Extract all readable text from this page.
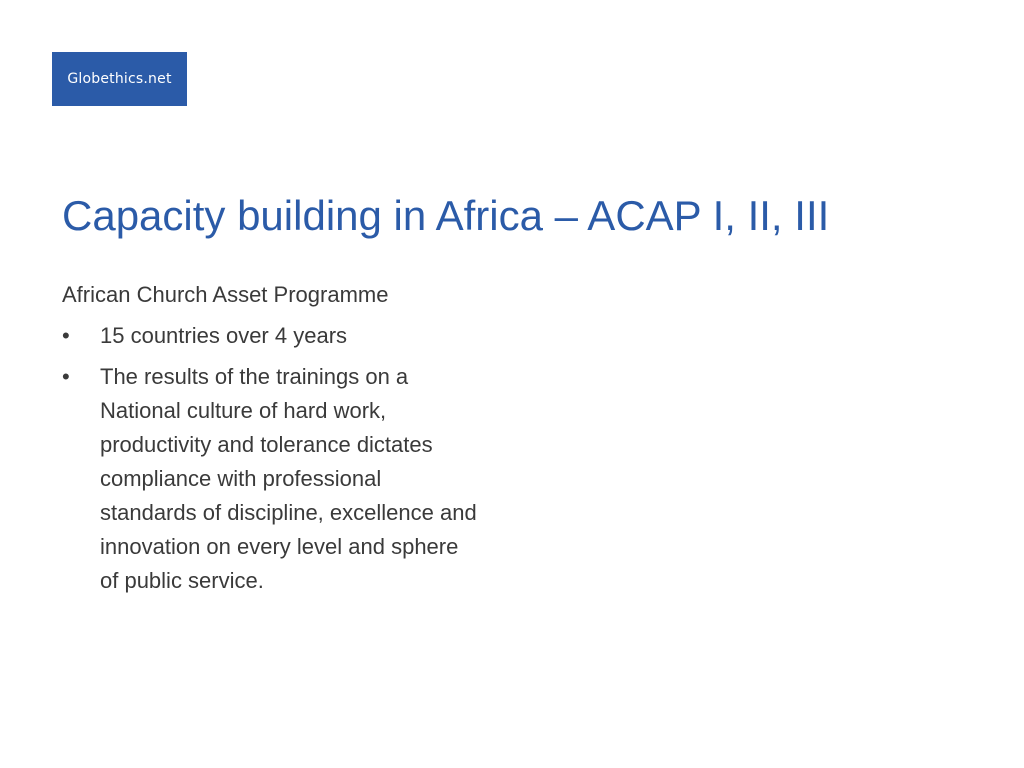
Globethics.net
Capacity building in Africa – ACAP I, II, III

African Church Asset Programme

•	15 countries over 4 years
•	The results of the trainings on a National culture of hard work, productivity and tolerance dictates compliance with professional standards of discipline, excellence and innovation on every level and sphere of public service.
